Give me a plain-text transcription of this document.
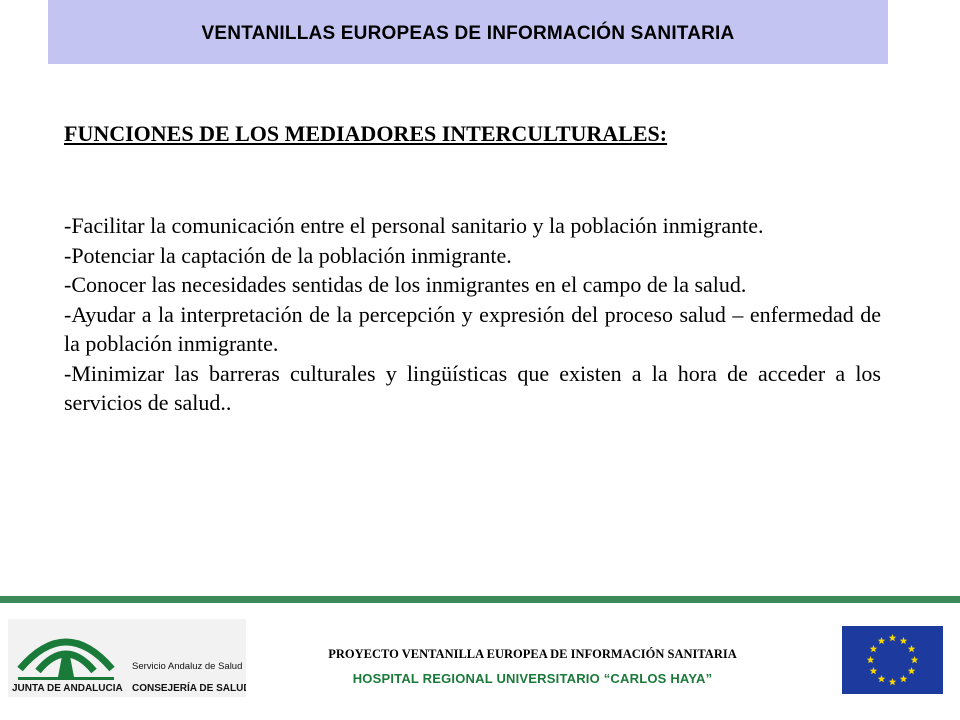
VENTANILLAS EUROPEAS DE INFORMACIÓN SANITARIA
FUNCIONES DE LOS MEDIADORES INTERCULTURALES:

-Facilitar la comunicación entre el personal sanitario y la población inmigrante.

-Potenciar la captación de la población inmigrante.

-Conocer las necesidades sentidas de los inmigrantes en el campo de la salud.

-Ayudar a la interpretación de la percepción y expresión del proceso salud – enfermedad de la población inmigrante.

-Minimizar las barreras culturales y lingüísticas que existen a la hora de acceder a los servicios de salud..

JUNTA DE ANDALUCIA
Servicio Andaluz de Salud
CONSEJERÍA DE SALUD
PROYECTO VENTANILLA EUROPEA DE INFORMACIÓN SANITARIA
HOSPITAL REGIONAL UNIVERSITARIO “CARLOS HAYA”
